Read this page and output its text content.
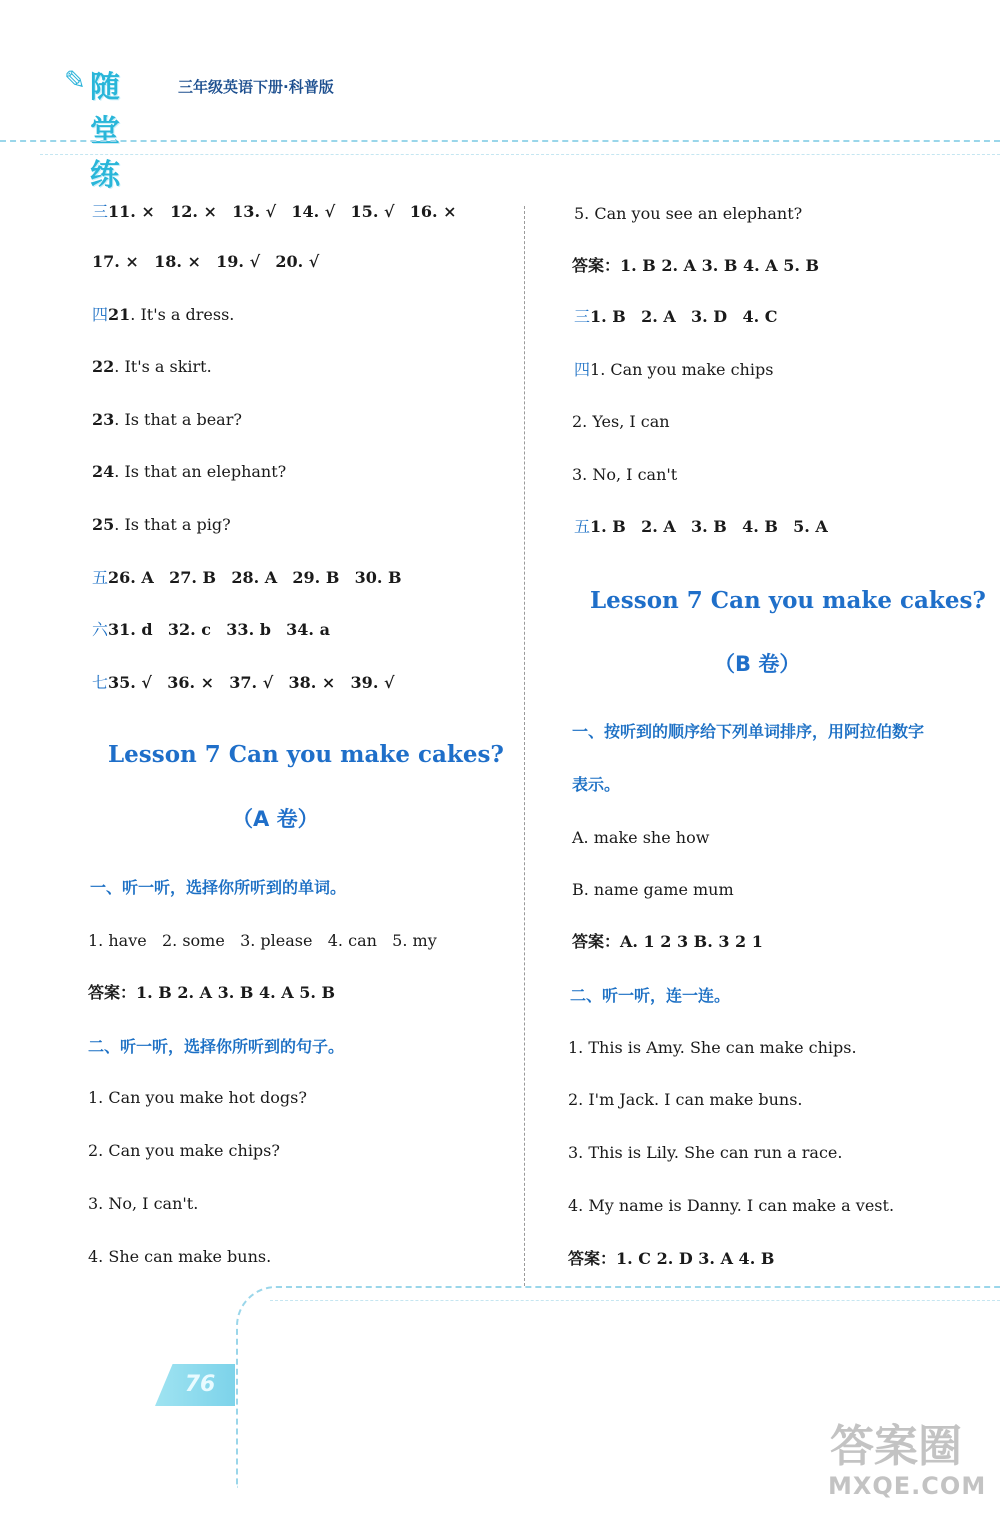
✎ 随堂练
三年级英语下册·科普版
三11. × 12. × 13. √ 14. √ 15. √ 16. ×
17. × 18. × 19. √ 20. √
四21. It's a dress.
22. It's a skirt.
23. Is that a bear?
24. Is that an elephant?
25. Is that a pig?
五26. A 27. B 28. A 29. B 30. B
六31. d 32. c 33. b 34. a
七35. √ 36. × 37. √ 38. × 39. √
Lesson 7 Can you make cakes?
（A 卷）
一、听一听，选择你所听到的单词。
1. have 2. some 3. please 4. can 5. my
答案：1. B 2. A 3. B 4. A 5. B
二、听一听，选择你所听到的句子。
1. Can you make hot dogs?
2. Can you make chips?
3. No, I can't.
4. She can make buns.
5. Can you see an elephant?
答案：1. B 2. A 3. B 4. A 5. B
三1. B 2. A 3. D 4. C
四1. Can you make chips
2. Yes, I can
3. No, I can't
五1. B 2. A 3. B 4. B 5. A
Lesson 7 Can you make cakes?
（B 卷）
一、按听到的顺序给下列单词排序，用阿拉伯数字
表示。
A. make she how
B. name game mum
答案：A. 1 2 3 B. 3 2 1
二、听一听，连一连。
1. This is Amy. She can make chips.
2. I'm Jack. I can make buns.
3. This is Lily. She can run a race.
4. My name is Danny. I can make a vest.
答案：1. C 2. D 3. A 4. B
76
答案圈
MXQE.COM
